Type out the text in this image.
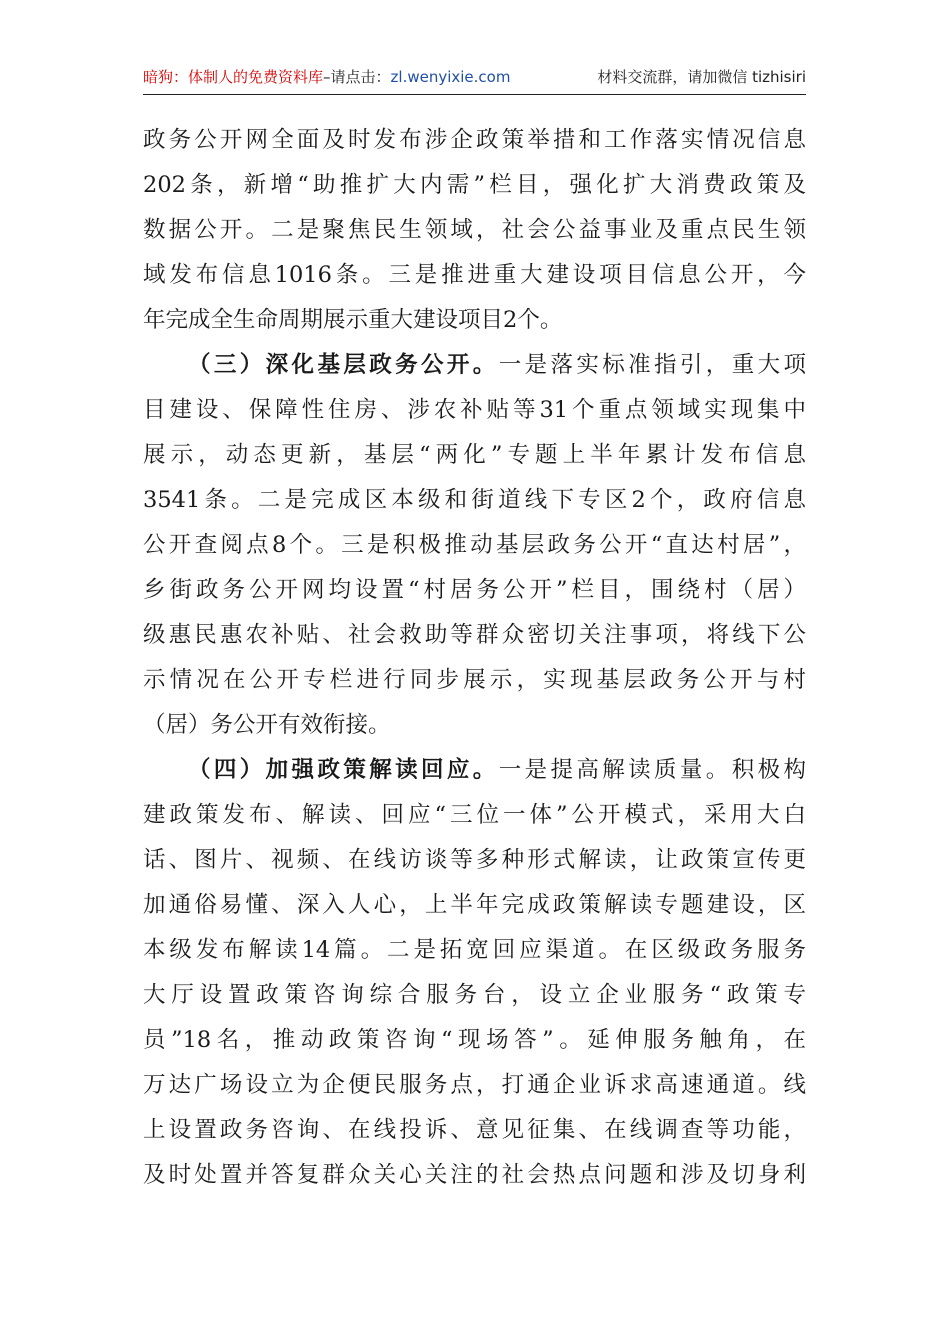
暗狗：体制人的免费资料库–请点击：zl.wenyixie.com	材料交流群，请加微信 tizhisiri
政务公开网全面及时发布涉企政策举措和工作落实情况信息
202条，新增“助推扩大内需”栏目，强化扩大消费政策及
数据公开。二是聚焦民生领域，社会公益事业及重点民生领
域发布信息1016条。三是推进重大建设项目信息公开，今
年完成全生命周期展示重大建设项目2个。
（三）深化基层政务公开。一是落实标准指引，重大项
目建设、保障性住房、涉农补贴等31个重点领域实现集中
展示，动态更新，基层“两化”专题上半年累计发布信息
3541条。二是完成区本级和街道线下专区2个，政府信息
公开查阅点8个。三是积极推动基层政务公开“直达村居”，
乡街政务公开网均设置“村居务公开”栏目，围绕村（居）
级惠民惠农补贴、社会救助等群众密切关注事项，将线下公
示情况在公开专栏进行同步展示，实现基层政务公开与村
（居）务公开有效衔接。
（四）加强政策解读回应。一是提高解读质量。积极构
建政策发布、解读、回应“三位一体”公开模式，采用大白
话、图片、视频、在线访谈等多种形式解读，让政策宣传更
加通俗易懂、深入人心，上半年完成政策解读专题建设，区
本级发布解读14篇。二是拓宽回应渠道。在区级政务服务
大厅设置政策咨询综合服务台，设立企业服务“政策专
员”18名，推动政策咨询“现场答”。延伸服务触角，在
万达广场设立为企便民服务点，打通企业诉求高速通道。线
上设置政务咨询、在线投诉、意见征集、在线调查等功能，
及时处置并答复群众关心关注的社会热点问题和涉及切身利
